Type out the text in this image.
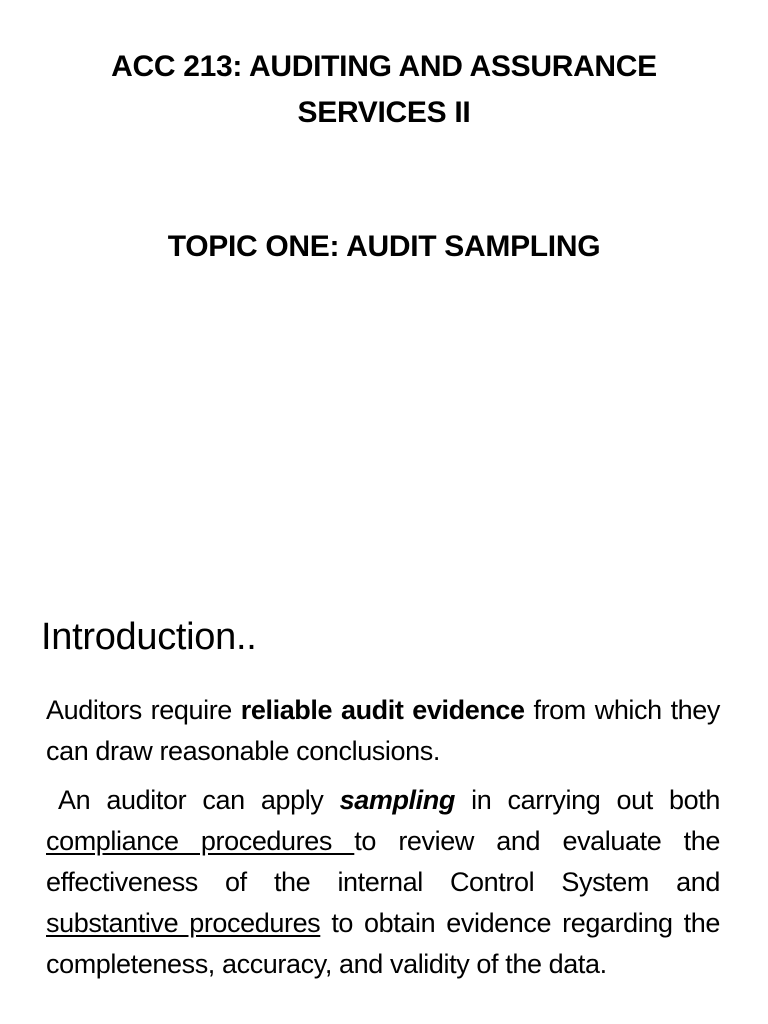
ACC 213: AUDITING AND ASSURANCE
SERVICES II
TOPIC ONE: AUDIT SAMPLING
Introduction..

Auditors require reliable audit evidence from which they can draw reasonable conclusions.

An auditor can apply sampling in carrying out both compliance procedures to review and evaluate the effectiveness of the internal Control System and substantive procedures to obtain evidence regarding the completeness, accuracy, and validity of the data.
